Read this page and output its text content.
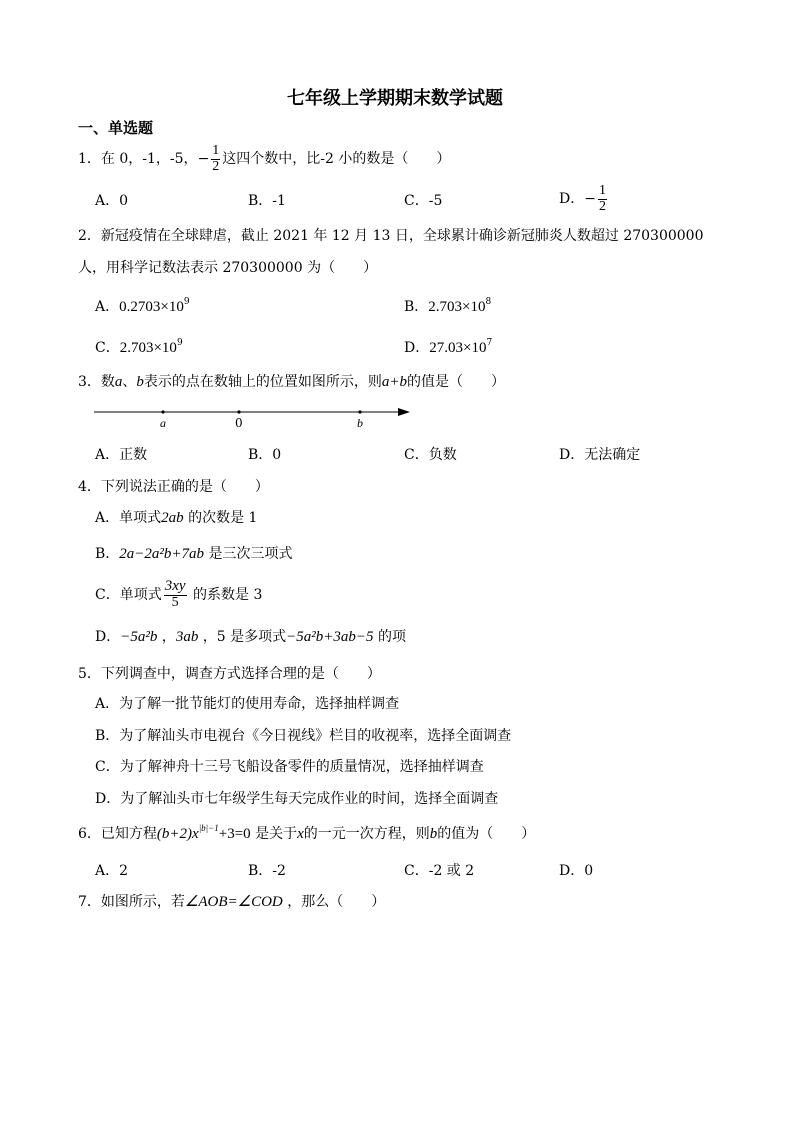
七年级上学期期末数学试题
一、单选题
1．在 0，-1，-5，− $\frac{1}{2}$ 这四个数中，比-2 小的数是（　　）
A．0	B．-1	C．-5	D．− $\frac{1}{2}$
2．新冠疫情在全球肆虐，截止 2021 年 12 月 13 日，全球累计确诊新冠肺炎人数超过 270300000
人，用科学记数法表示 270300000 为（　　）
A．$0.2703\times 10^9$	B．$2.703\times 10^8$
C．$2.703\times 10^9$	D．$27.03\times 10^7$
3．数a、b表示的点在数轴上的位置如图所示，则a+b的值是（　　）
a	0	b
A．正数	B．0	C．负数	D．无法确定
4．下列说法正确的是（　　）
A．单项式2ab 的次数是 1
B．2a−2a²b+7ab 是三次三项式
C．单项式 $\frac{3xy}{5}$ 的系数是 3
D．−5a²b ，3ab ，5 是多项式−5a²b+3ab−5 的项
5．下列调查中，调查方式选择合理的是（　　）
A．为了解一批节能灯的使用寿命，选择抽样调查
B．为了解汕头市电视台《今日视线》栏目的收视率，选择全面调查
C．为了解神舟十三号飞船设备零件的质量情况，选择抽样调查
D．为了解汕头市七年级学生每天完成作业的时间，选择全面调查
6．已知方程$(b+2)x^{|b|-1}+3=0$ 是关于x的一元一次方程，则b的值为（　　）
A．2	B．-2	C．-2 或 2	D．0
7．如图所示，若∠AOB=∠COD ，那么（　　）
